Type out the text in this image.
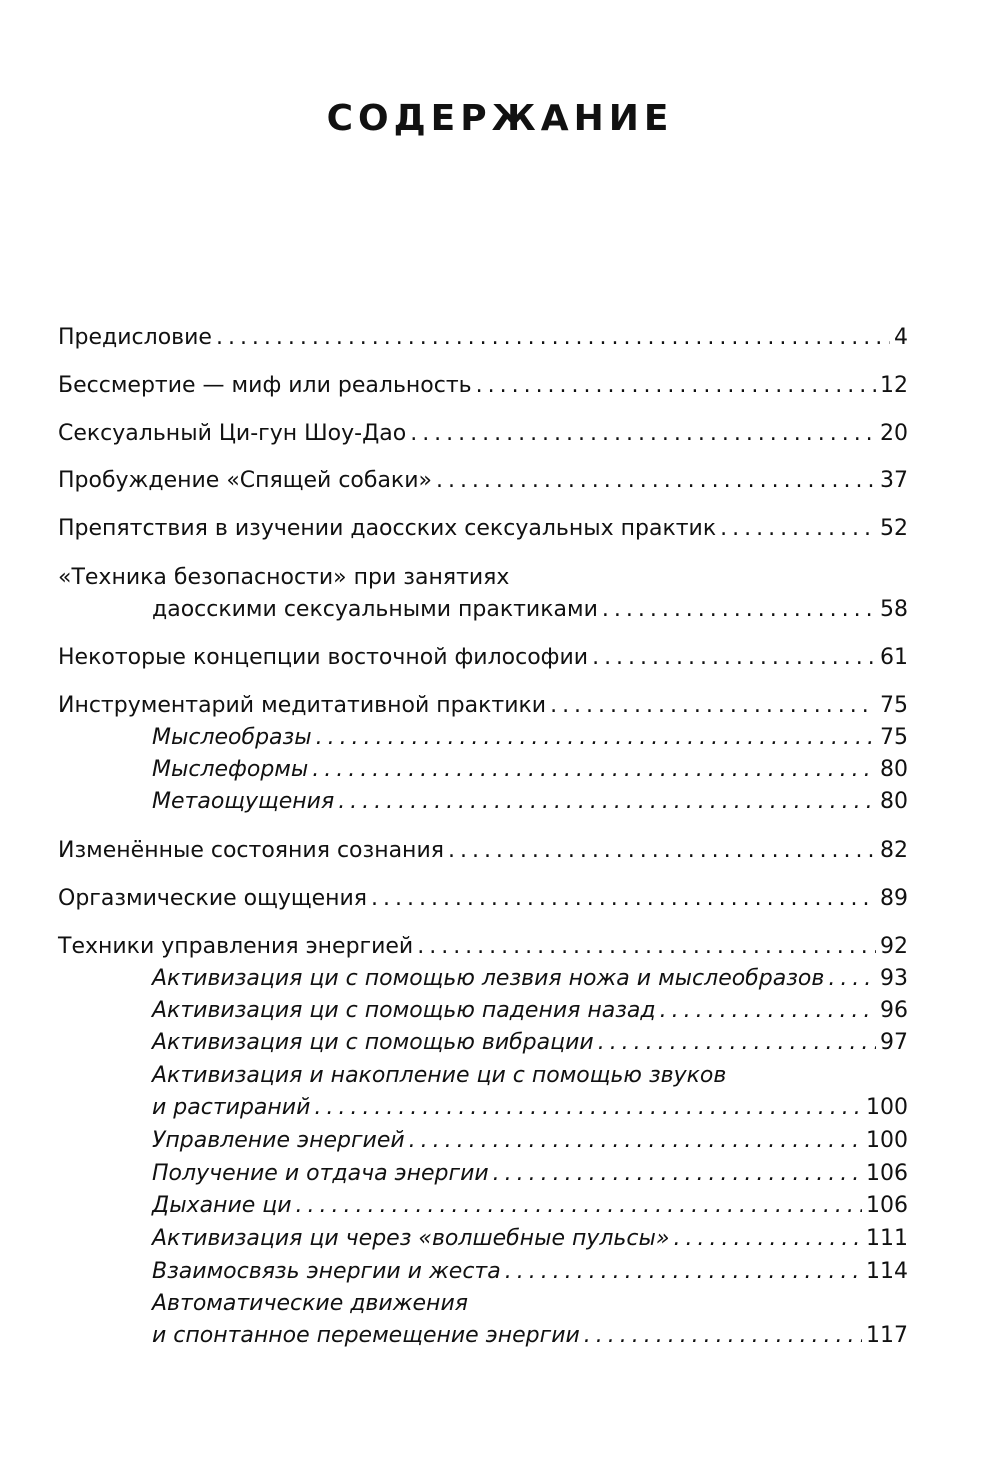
СОДЕРЖАНИЕ
Предисловие . . .	4
Бессмертие — миф или реальность . . .	12
Сексуальный Ци-гун Шоу-Дао . . .	20
Пробуждение «Спящей собаки» . . .	37
Препятствия в изучении даосских сексуальных практик . . .	52
«Техника безопасности» при занятиях
даосскими сексуальными практиками . . .	58
Некоторые концепции восточной философии . . .	61
Инструментарий медитативной практики . . .	75
Мыслеобразы . . .	75
Мыслеформы . . .	80
Метаощущения . . .	80
Изменённые состояния сознания . . .	82
Оргазмические ощущения . . .	89
Техники управления энергией . . .	92
Активизация ци с помощью лезвия ножа и мыслеобразов . . .	93
Активизация ци с помощью падения назад . . .	96
Активизация ци с помощью вибрации . . .	97
Активизация и накопление ци с помощью звуков
и растираний . . .	100
Управление энергией . . .	100
Получение и отдача энергии . . .	106
Дыхание ци . . .	106
Активизация ци через «волшебные пульсы» . . .	111
Взаимосвязь энергии и жеста . . .	114
Автоматические движения
и спонтанное перемещение энергии . . .	117
